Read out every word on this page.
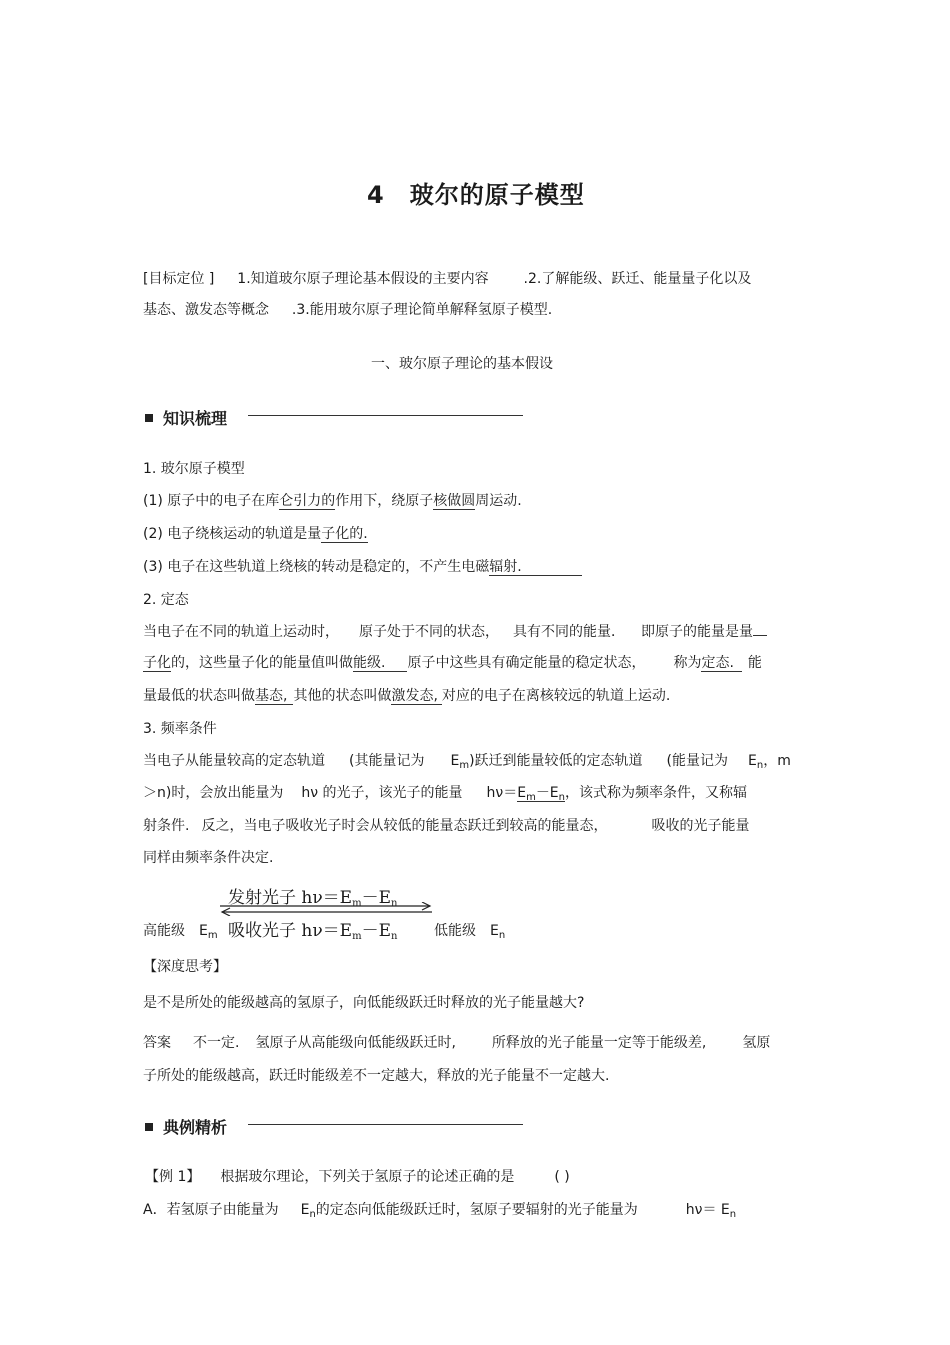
4　玻尔的原子模型
[目标定位 ] 1.知道玻尔原子理论基本假设的主要内容 .2.了解能级、跃迁、能量量子化以及
基态、激发态等概念 .3.能用玻尔原子理论简单解释氢原子模型.
一、玻尔原子理论的基本假设
知识梳理
1. 玻尔原子模型
(1) 原子中的电子在库仑引力的作用下，绕原子核做圆周运动.
(2) 电子绕核运动的轨道是量子化的.
(3) 电子在这些轨道上绕核的转动是稳定的，不产生电磁辐射.
2. 定态
当电子在不同的轨道上运动时， 原子处于不同的状态， 具有不同的能量． 即原子的能量是量
子化的，这些量子化的能量值叫做能级. 原子中这些具有确定能量的稳定状态， 称为定态. 能
量最低的状态叫做基态, 其他的状态叫做激发态, 对应的电子在离核较远的轨道上运动.
3. 频率条件
当电子从能量较高的定态轨道 (其能量记为 $E_m$)跃迁到能量较低的定态轨道 (能量记为 $E_n$，m
＞n)时，会放出能量为 hν 的光子，该光子的能量 $h\nu=E_m-E_n$，该式称为频率条件，又称辐
射条件. 反之，当电子吸收光子时会从较低的能量态跃迁到较高的能量态，	吸收的光子能量
同样由频率条件决定.
高能级 $E_m$
发射光子 $h\nu=E_m-E_n$
吸收光子 $h\nu=E_m-E_n$	低能级 $E_n$
【深度思考】
是不是所处的能级越高的氢原子，向低能级跃迁时释放的光子能量越大?
答案 不一定. 氢原子从高能级向低能级跃迁时,	所释放的光子能量一定等于能级差,	氢原
子所处的能级越高，跃迁时能级差不一定越大，释放的光子能量不一定越大.
典例精析
【例 1】 根据玻尔理论，下列关于氢原子的论述正确的是	( )
A．若氢原子由能量为 $E_n$的定态向低能级跃迁时，氢原子要辐射的光子能量为	$h\nu= E_n$
